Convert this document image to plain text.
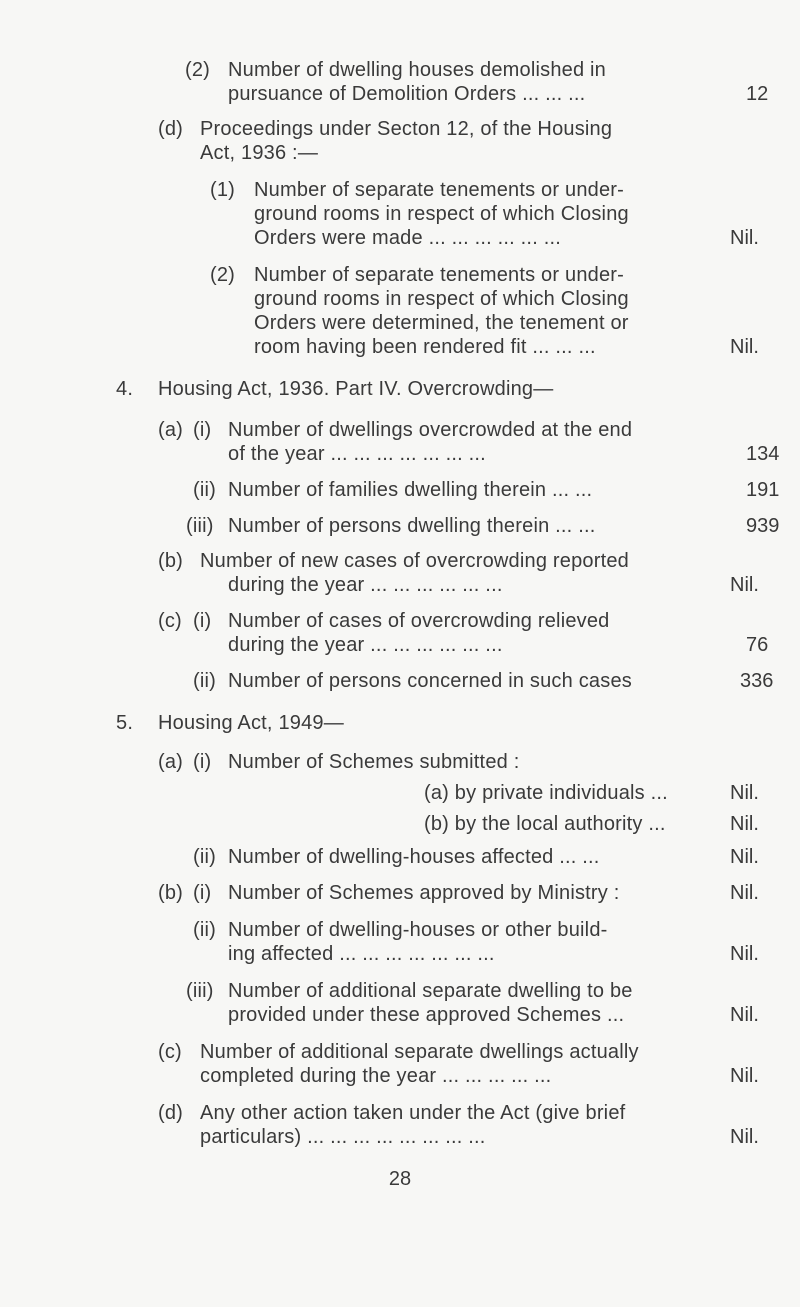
(2) Number of dwelling houses demolished in
pursuance of Demolition Orders ... ... ...	12
(d) Proceedings under Secton 12, of the Housing
Act, 1936 :—
(1) Number of separate tenements or under-
ground rooms in respect of which Closing
Orders were made ... ... ... ... ... ...	Nil.
(2) Number of separate tenements or under-
ground rooms in respect of which Closing
Orders were determined, the tenement or
room having been rendered fit ... ... ...	Nil.
4. Housing Act, 1936. Part IV. Overcrowding—
(a) (i) Number of dwellings overcrowded at the end
of the year ... ... ... ... ... ... ...	134
(ii) Number of families dwelling therein ... ...	191
(iii) Number of persons dwelling therein ... ...	939
(b) Number of new cases of overcrowding reported
during the year ... ... ... ... ... ...	Nil.
(c) (i) Number of cases of overcrowding relieved
during the year ... ... ... ... ... ...	76
(ii) Number of persons concerned in such cases	336
5. Housing Act, 1949—
(a) (i) Number of Schemes submitted :
(a) by private individuals ...	Nil.
(b) by the local authority ...	Nil.
(ii) Number of dwelling-houses affected ... ...	Nil.
(b) (i) Number of Schemes approved by Ministry :	Nil.
(ii) Number of dwelling-houses or other build-
ing affected ... ... ... ... ... ... ...	Nil.
(iii) Number of additional separate dwelling to be
provided under these approved Schemes ...	Nil.
(c) Number of additional separate dwellings actually
completed during the year ... ... ... ... ...	Nil.
(d) Any other action taken under the Act (give brief
particulars) ... ... ... ... ... ... ... ...	Nil.
28
